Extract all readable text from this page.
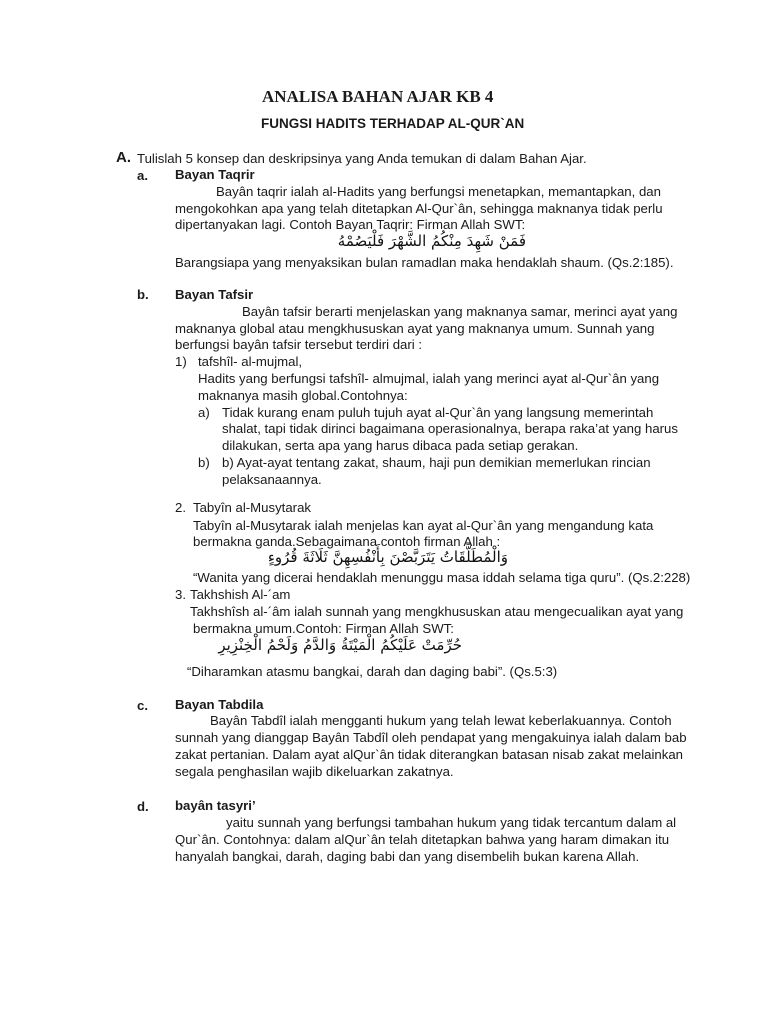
ANALISA BAHAN AJAR KB 4
FUNGSI HADITS TERHADAP AL-QUR`AN
A. Tulislah 5 konsep dan deskripsinya yang Anda temukan di dalam Bahan Ajar.
a. Bayan Taqrir
Bayân taqrir ialah al-Hadits yang berfungsi menetapkan, memantapkan, dan
mengokohkan apa yang telah ditetapkan Al-Qur`ân, sehingga maknanya tidak perlu
dipertanyakan lagi. Contoh Bayan Taqrir: Firman Allah SWT:
فَمَنْ شَهِدَ مِنْكُمُ الشَّهْرَ فَلْيَصُمْهُ
Barangsiapa yang menyaksikan bulan ramadlan maka hendaklah shaum. (Qs.2:185).
b. Bayan Tafsir
Bayân tafsir berarti menjelaskan yang maknanya samar, merinci ayat yang
maknanya global atau mengkhususkan ayat yang maknanya umum. Sunnah yang
berfungsi bayân tafsir tersebut terdiri dari :
1) tafshîl- al-mujmal,
Hadits yang berfungsi tafshîl- almujmal, ialah yang merinci ayat al-Qur`ân yang
maknanya masih global.Contohnya:
a) Tidak kurang enam puluh tujuh ayat al-Qur`ân yang langsung memerintah
shalat, tapi tidak dirinci bagaimana operasionalnya, berapa raka’at yang harus
dilakukan, serta apa yang harus dibaca pada setiap gerakan.
b) b) Ayat-ayat tentang zakat, shaum, haji pun demikian memerlukan rincian
pelaksanaannya.
2. Tabyîn al-Musytarak
Tabyîn al-Musytarak ialah menjelas kan ayat al-Qur`ân yang mengandung kata
bermakna ganda.Sebagaimana contoh firman Allah :
وَالْمُطَلَّقَاتُ يَتَرَبَّصْنَ بِأَنْفُسِهِنَّ ثَلَاثَةَ قُرُوءٍ
“Wanita yang dicerai hendaklah menunggu masa iddah selama tiga quru”. (Qs.2:228)
3. Takhshish Al-´am
Takhshîsh al-´âm ialah sunnah yang mengkhususkan atau mengecualikan ayat yang
bermakna umum.Contoh: Firman Allah SWT:
حُرِّمَتْ عَلَيْكُمُ الْمَيْتَةُ وَالدَّمُ وَلَحْمُ الْخِنْزِيرِ
“Diharamkan atasmu bangkai, darah dan daging babi”. (Qs.5:3)
c. Bayan Tabdila
Bayân Tabdîl ialah mengganti hukum yang telah lewat keberlakuannya. Contoh
sunnah yang dianggap Bayân Tabdîl oleh pendapat yang mengakuinya ialah dalam bab
zakat pertanian. Dalam ayat alQur`ân tidak diterangkan batasan nisab zakat melainkan
segala penghasilan wajib dikeluarkan zakatnya.
d. bayân tasyri’
yaitu sunnah yang berfungsi tambahan hukum yang tidak tercantum dalam al
Qur`ân. Contohnya: dalam alQur`ân telah ditetapkan bahwa yang haram dimakan itu
hanyalah bangkai, darah, daging babi dan yang disembelih bukan karena Allah.
